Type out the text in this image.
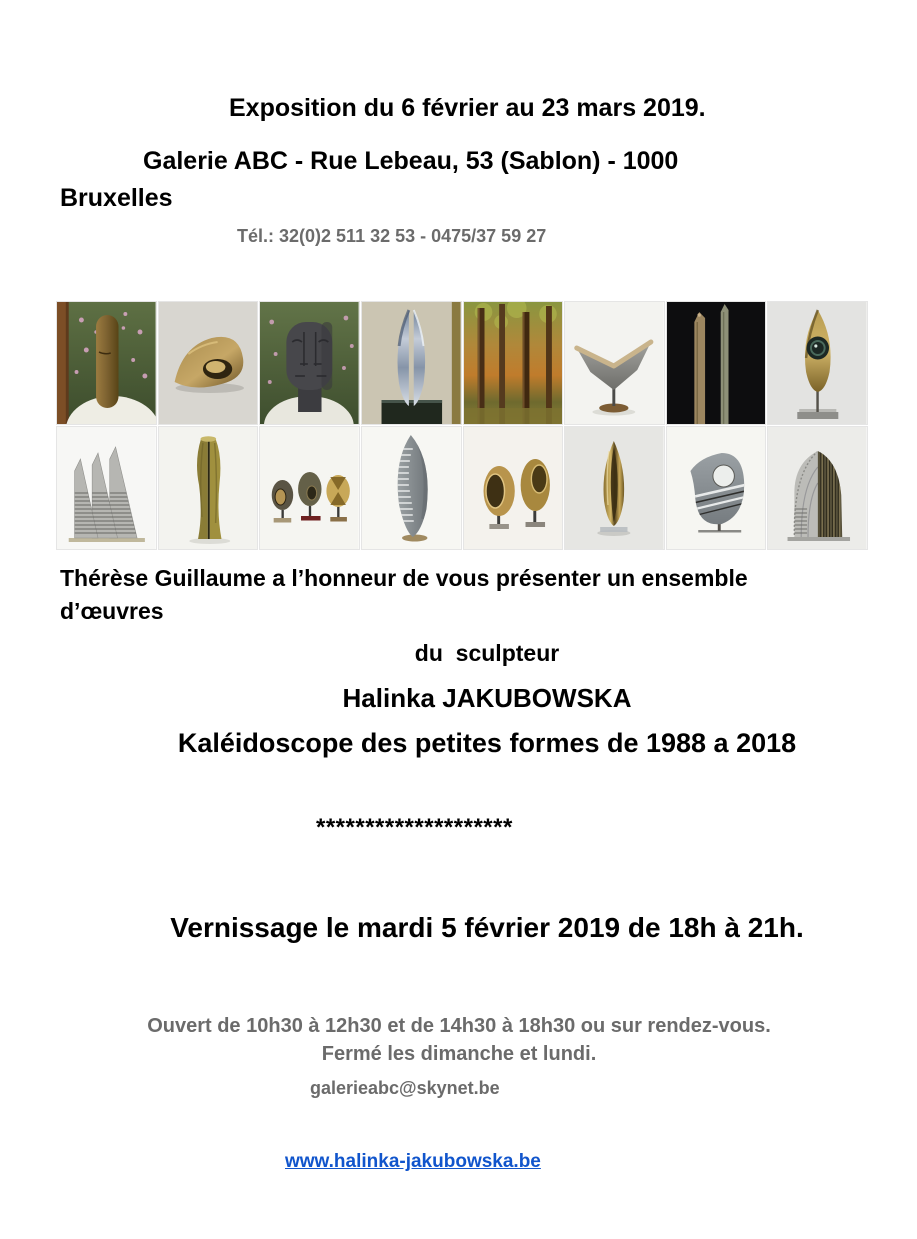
Exposition du 6 février au 23 mars 2019.
Galerie ABC - Rue Lebeau, 53 (Sablon) - 1000 Bruxelles
Tél.: 32(0)2 511 32 53 - 0475/37 59 27
Thérèse Guillaume a l’honneur de vous présenter un ensemble d’œuvres
du  sculpteur
Halinka JAKUBOWSKA
Kaléidoscope des petites formes de 1988 a 2018
********************
Vernissage le mardi 5 février 2019 de 18h à 21h.
Ouvert de 10h30 à 12h30 et de 14h30 à 18h30 ou sur rendez-vous. Fermé les dimanche et lundi.
galerieabc@skynet.be
www.halinka-jakubowska.be
